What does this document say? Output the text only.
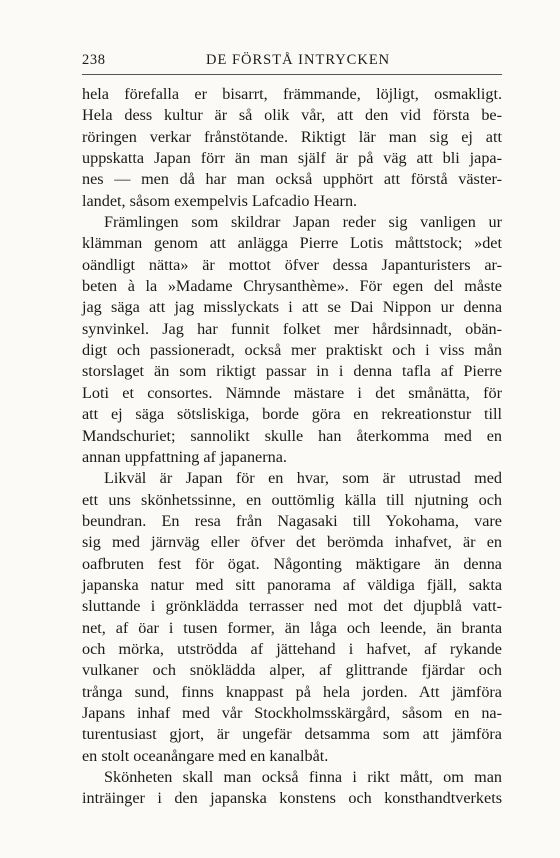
238	DE FÖRSTÅ INTRYCKEN
hela förefalla er bisarrt, främmande, löjligt, osmakligt.
Hela dess kultur är så olik vår, att den vid första be-
röringen verkar frånstötande. Riktigt lär man sig ej att
uppskatta Japan förr än man själf är på väg att bli japa-
nes — men då har man också upphört att förstå väster-
landet, såsom exempelvis Lafcadio Hearn.
Främlingen som skildrar Japan reder sig vanligen ur
klämman genom att anlägga Pierre Lotis måttstock; »det
oändligt nätta» är mottot öfver dessa Japanturisters ar-
beten à la »Madame Chrysanthème». För egen del måste
jag säga att jag misslyckats i att se Dai Nippon ur denna
synvinkel. Jag har funnit folket mer hårdsinnadt, obän-
digt och passioneradt, också mer praktiskt och i viss mån
storslaget än som riktigt passar in i denna tafla af Pierre
Loti et consortes. Nämnde mästare i det smånätta, för
att ej säga sötsliskiga, borde göra en rekreationstur till
Mandschuriet; sannolikt skulle han återkomma med en
annan uppfattning af japanerna.
Likväl är Japan för en hvar, som är utrustad med
ett uns skönhetssinne, en outtömlig källa till njutning och
beundran. En resa från Nagasaki till Yokohama, vare
sig med järnväg eller öfver det berömda inhafvet, är en
oafbruten fest för ögat. Någonting mäktigare än denna
japanska natur med sitt panorama af väldiga fjäll, sakta
sluttande i grönklädda terrasser ned mot det djupblå vatt-
net, af öar i tusen former, än låga och leende, än branta
och mörka, utströdda af jättehand i hafvet, af rykande
vulkaner och snöklädda alper, af glittrande fjärdar och
trånga sund, finns knappast på hela jorden. Att jämföra
Japans inhaf med vår Stockholmsskärgård, såsom en na-
turentusiast gjort, är ungefär detsamma som att jämföra
en stolt oceanångare med en kanalbåt.
Skönheten skall man också finna i rikt mått, om man
inträinger i den japanska konstens och konsthandtverkets
